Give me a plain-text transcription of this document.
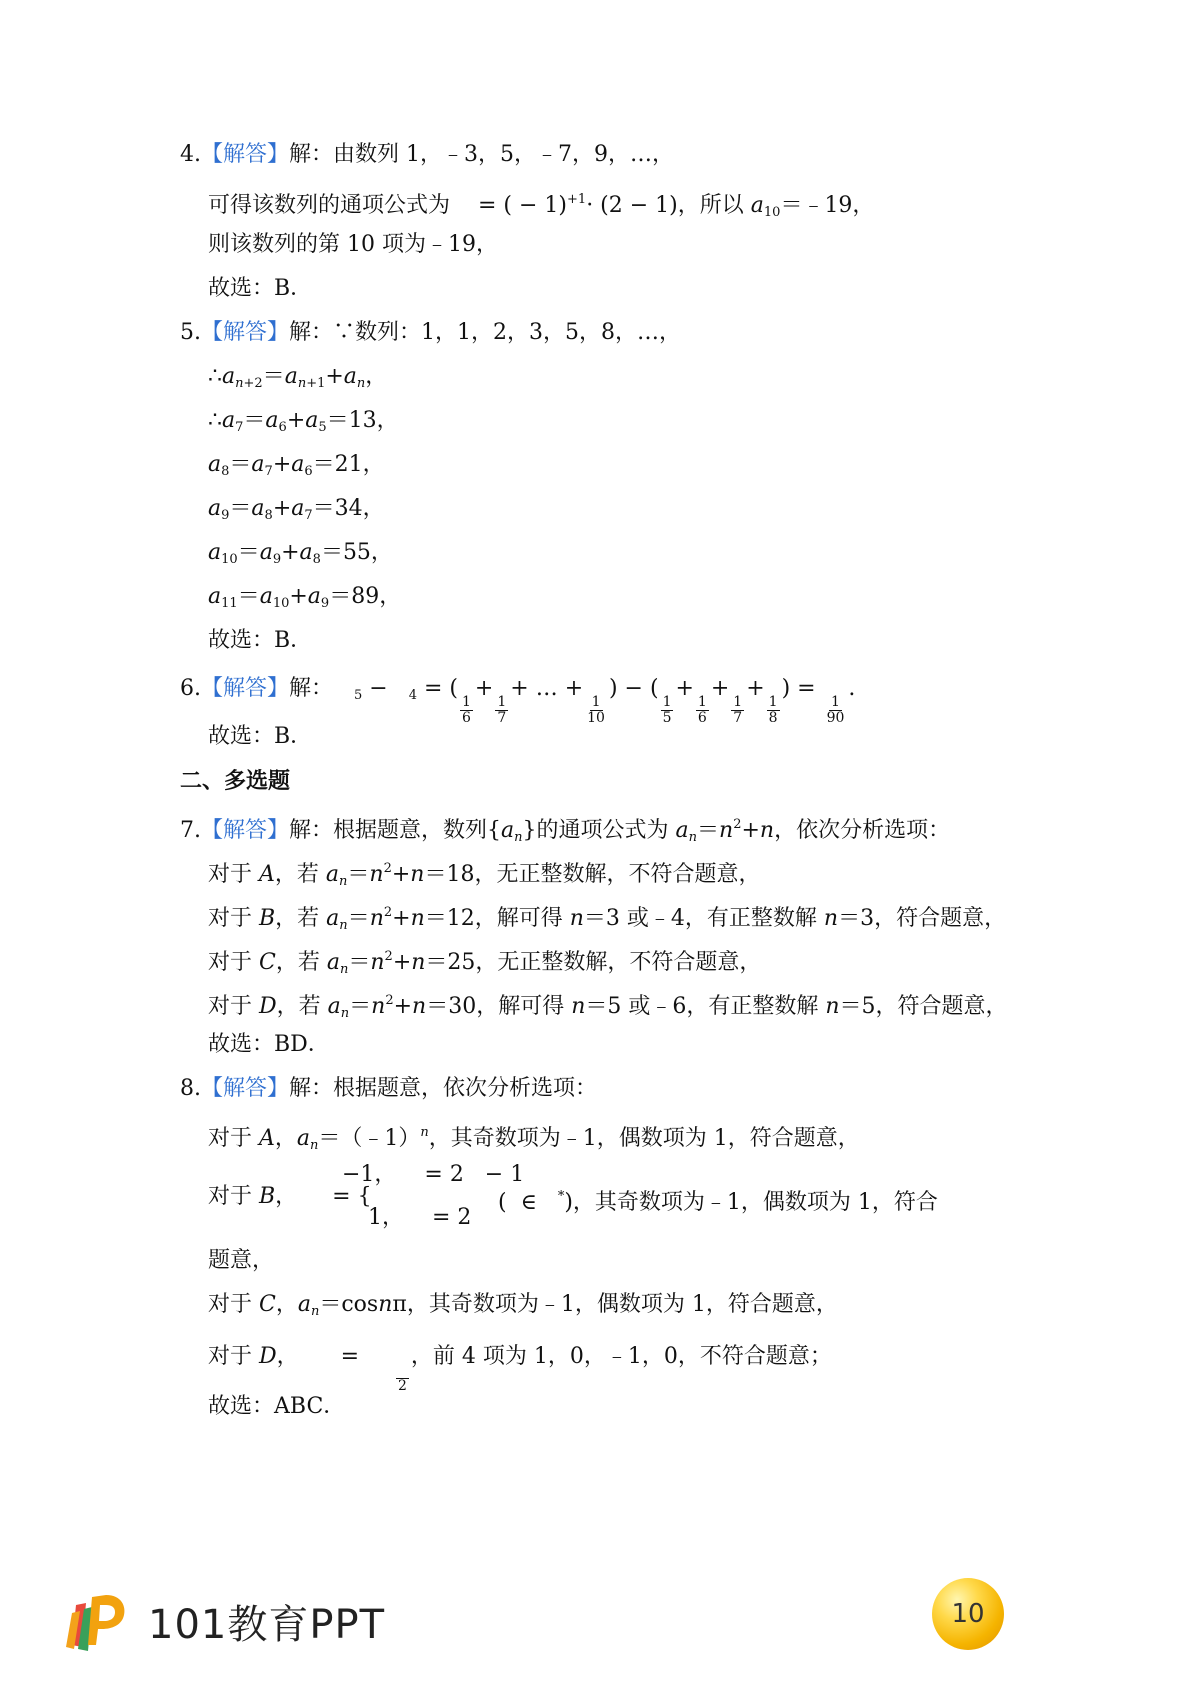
4.【解答】解：由数列 1，﹣3，5，﹣7，9，…，
可得该数列的通项公式为 = ( − 1)$^{+1}$· (2 − 1)，所以 $a_{10}=﹣19$，
则该数列的第 10 项为﹣19，
故选：B．
5.【解答】解：∵数列：1，1，2，3，5，8，…，
$\therefore a_{n+2}=a_{n+1}+a_n$，
$\therefore a_7=a_6+a_5=13$，
$a_8=a_7+a_6=21$，
$a_9=a_8+a_7=34$，
$a_{10}=a_9+a_8=55$，
$a_{11}=a_{10}+a_9=89$，
故选：B．
6.【解答】解： $_5$ −   $_4$ = (
$\frac{1}{6}$
+
$\frac{1}{7}$
+ … +
$\frac{1}{10}$
) − (
$\frac{1}{5}$
+
$\frac{1}{6}$
+
$\frac{1}{7}$
+
$\frac{1}{8}$
) =
$\frac{1}{90}$
.
故选：B．
二、多选题
7.【解答】解：根据题意，数列$\{a_n\}$的通项公式为 $a_n=n^2+n$，依次分析选项：
对于 A，若 $a_n=n^2+n=18$，无正整数解，不符合题意，
对于 B，若 $a_n=n^2+n=12$，解可得 n＝3 或﹣4，有正整数解 n＝3，符合题意，
对于 C，若 $a_n=n^2+n=25$，无正整数解，不符合题意，
对于 D，若 $a_n=n^2+n=30$，解可得 n＝5 或﹣6，有正整数解 n＝5，符合题意，
故选：BD．
8.【解答】解：根据题意，依次分析选项：
对于 A，$a_n=(﹣1)^n$，其奇数项为﹣1，偶数项为 1，符合题意，
对于 B，     = {
−1，    = 2   − 1
1，    = 2
(  ∈   *)，其奇数项为﹣1，偶数项为 1，符合
题意，
对于 C，$a_n=\cos n\pi$，其奇数项为﹣1，偶数项为 1，符合题意，
对于 D，      =

2
，前 4 项为 1，0，﹣1，0，不符合题意；
故选：ABC．
101教育PPT	10
